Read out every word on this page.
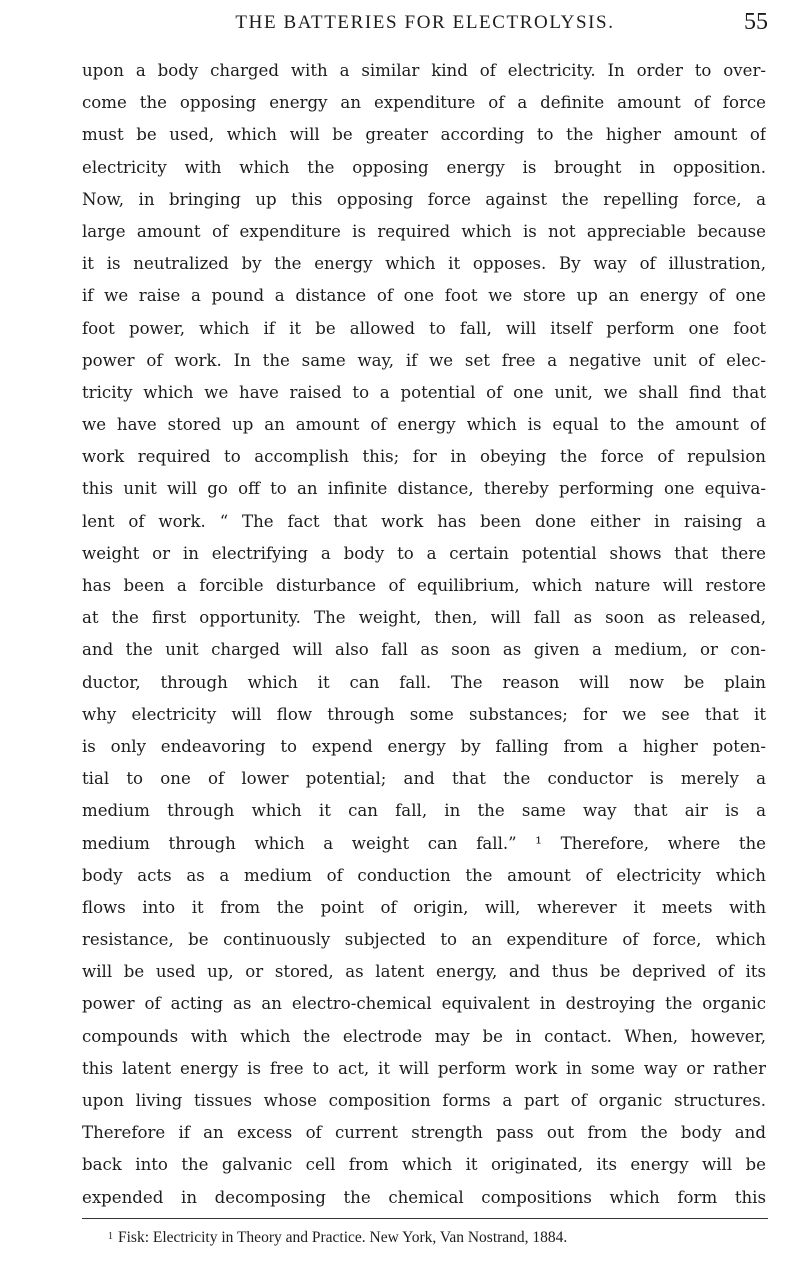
THE BATTERIES FOR ELECTROLYSIS.	55
upon a body charged with a similar kind of electricity. In order to over-
come the opposing energy an expenditure of a definite amount of force
must be used, which will be greater according to the higher amount of
electricity with which the opposing energy is brought in opposition.
Now, in bringing up this opposing force against the repelling force, a
large amount of expenditure is required which is not appreciable because
it is neutralized by the energy which it opposes. By way of illustration,
if we raise a pound a distance of one foot we store up an energy of one
foot power, which if it be allowed to fall, will itself perform one foot
power of work. In the same way, if we set free a negative unit of elec-
tricity which we have raised to a potential of one unit, we shall find that
we have stored up an amount of energy which is equal to the amount of
work required to accomplish this; for in obeying the force of repulsion
this unit will go off to an infinite distance, thereby performing one equiva-
lent of work. “ The fact that work has been done either in raising a
weight or in electrifying a body to a certain potential shows that there
has been a forcible disturbance of equilibrium, which nature will restore
at the first opportunity. The weight, then, will fall as soon as released,
and the unit charged will also fall as soon as given a medium, or con-
ductor, through which it can fall. The reason will now be plain
why electricity will flow through some substances; for we see that it
is only endeavoring to expend energy by falling from a higher poten-
tial to one of lower potential; and that the conductor is merely a
medium through which it can fall, in the same way that air is a
medium through which a weight can fall.” ¹ Therefore, where the
body acts as a medium of conduction the amount of electricity which
flows into it from the point of origin, will, wherever it meets with
resistance, be continuously subjected to an expenditure of force, which
will be used up, or stored, as latent energy, and thus be deprived of its
power of acting as an electro-chemical equivalent in destroying the organic
compounds with which the electrode may be in contact. When, however,
this latent energy is free to act, it will perform work in some way or rather
upon living tissues whose composition forms a part of organic structures.
Therefore if an excess of current strength pass out from the body and
back into the galvanic cell from which it originated, its energy will be
expended in decomposing the chemical compositions which form this
$^1$ Fisk: Electricity in Theory and Practice. New York, Van Nostrand, 1884.
